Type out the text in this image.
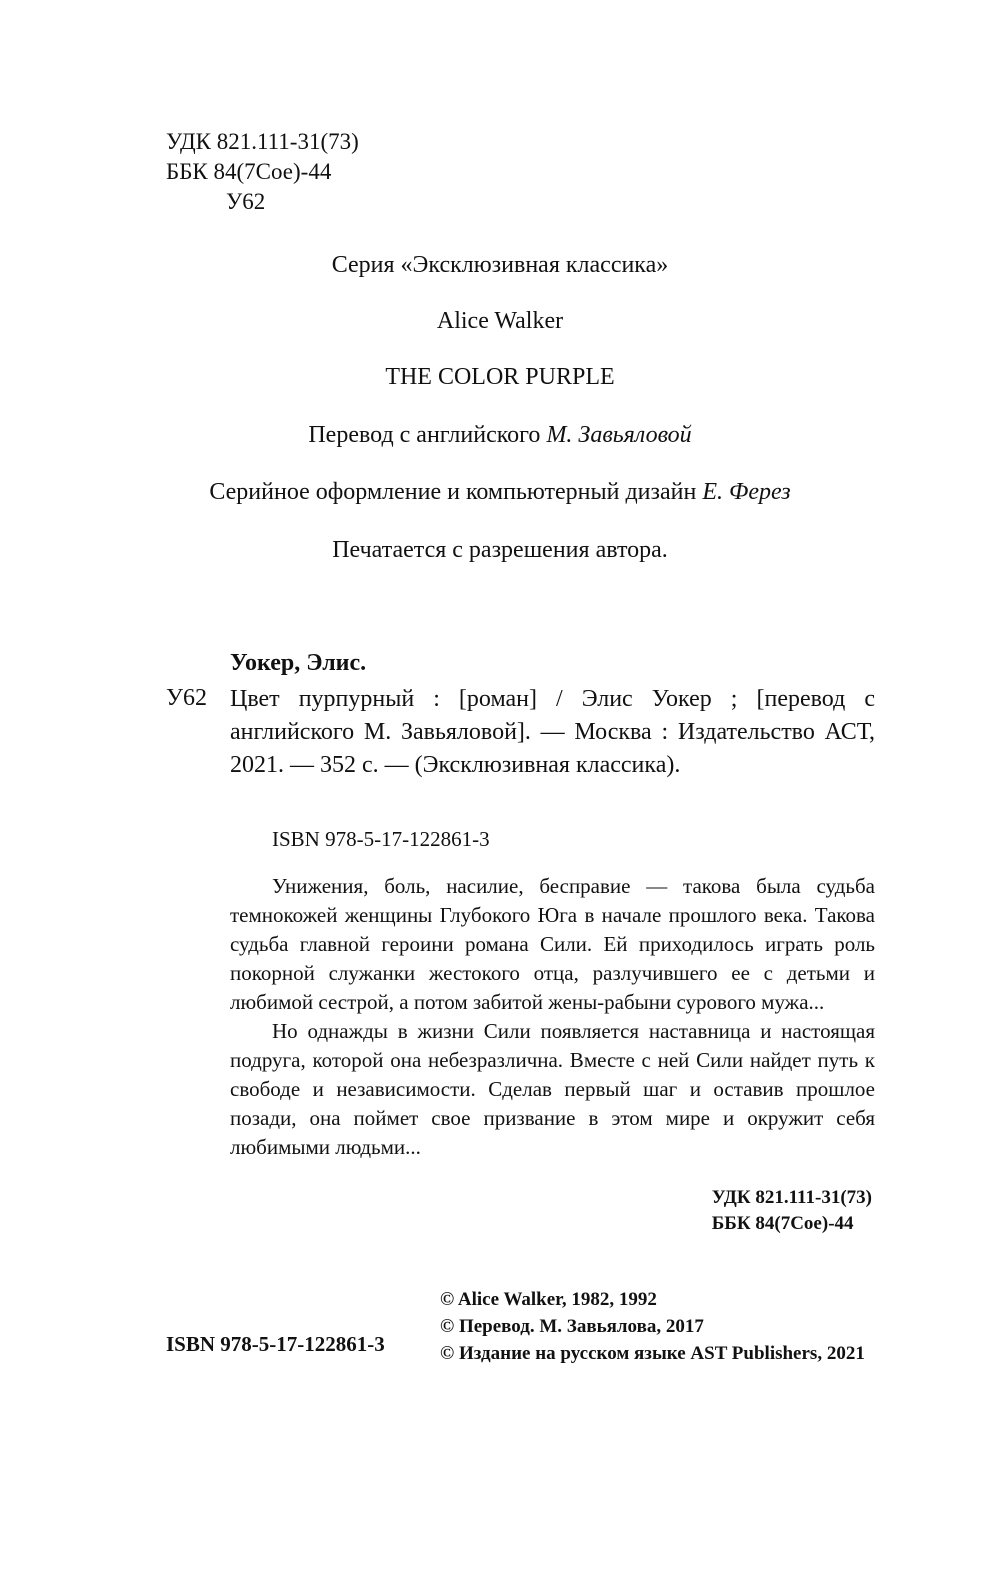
УДК 821.111-31(73)
ББК 84(7Сое)-44
У62
Серия «Эксклюзивная классика»
Alice Walker
THE COLOR PURPLE
Перевод с английского М. Завьяловой
Серийное оформление и компьютерный дизайн Е. Ферез
Печатается с разрешения автора.
Уокер, Элис.
У62 Цвет пурпурный : [роман] / Элис Уокер ; [перевод с английского М. Завьяловой]. — Москва : Издательство АСТ, 2021. — 352 с. — (Эксклюзивная классика).
ISBN 978-5-17-122861-3

Унижения, боль, насилие, бесправие — такова была судьба темнокожей женщины Глубокого Юга в начале прошлого века. Такова судьба главной героини романа Сили. Ей приходилось играть роль покорной служанки жестокого отца, разлучившего ее с детьми и любимой сестрой, а потом забитой жены-рабыни сурового мужа...

Но однажды в жизни Сили появляется наставница и настоящая подруга, которой она небезразлична. Вместе с ней Сили найдет путь к свободе и независимости. Сделав первый шаг и оставив прошлое позади, она поймет свое призвание в этом мире и окружит себя любимыми людьми...

УДК 821.111-31(73)
ББК 84(7Сое)-44
© Alice Walker, 1982, 1992
© Перевод. М. Завьялова, 2017
© Издание на русском языке AST Publishers, 2021
ISBN 978-5-17-122861-3
